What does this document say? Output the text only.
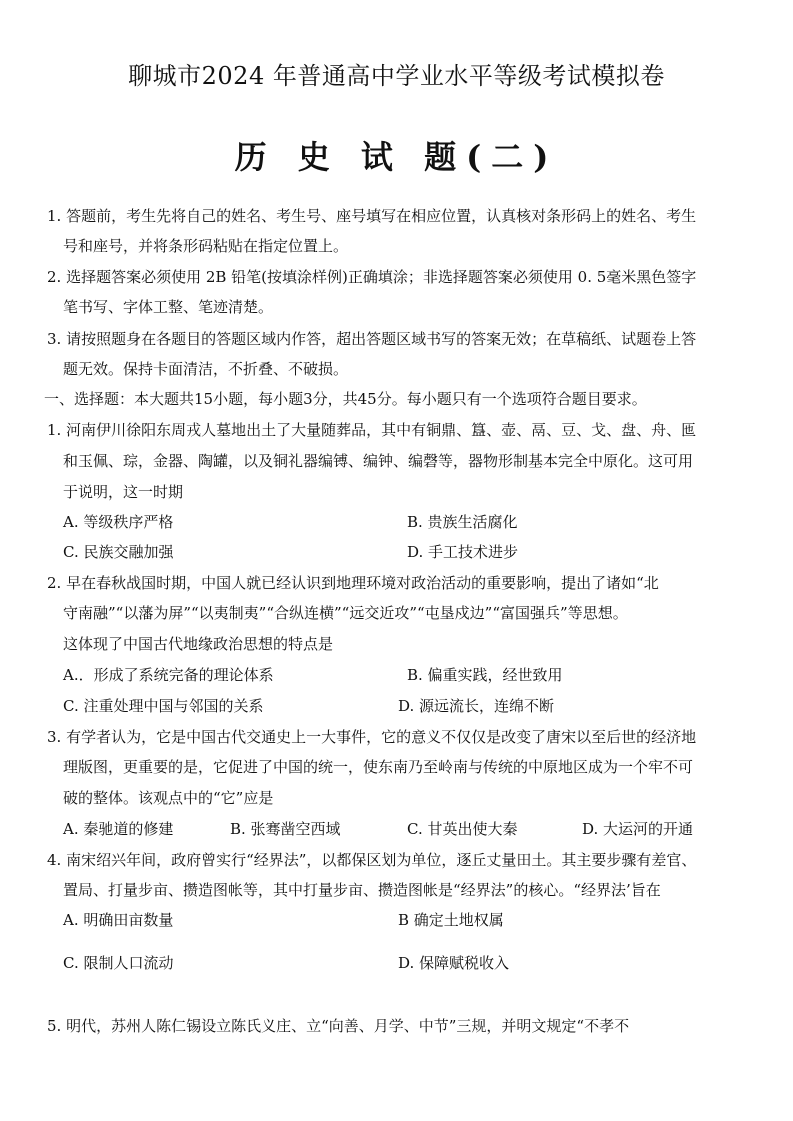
聊城市2024 年普通高中学业水平等级考试模拟卷
历 史 试 题(二)
1. 答题前，考生先将自己的姓名、考生号、座号填写在相应位置，认真核对条形码上的姓名、考生
号和座号，并将条形码粘贴在指定位置上。
2. 选择题答案必须使用 2B 铅笔(按填涂样例)正确填涂；非选择题答案必须使用 0. 5毫米黑色签字
笔书写、字体工整、笔迹清楚。
3. 请按照题身在各题目的答题区域内作答，超出答题区域书写的答案无效；在草稿纸、试题卷上答
题无效。保持卡面清洁，不折叠、不破损。
一、选择题：本大题共15小题，每小题3分，共45分。每小题只有一个选项符合题目要求。
1. 河南伊川徐阳东周戎人墓地出土了大量随葬品，其中有铜鼎、簋、壶、鬲、豆、戈、盘、舟、匜
和玉佩、琮，金器、陶罐，以及铜礼器编镈、编钟、编磬等，器物形制基本完全中原化。这可用
于说明，这一时期
A. 等级秩序严格	B. 贵族生活腐化
C. 民族交融加强	D. 手工技术进步
2. 早在春秋战国时期，中国人就已经认识到地理环境对政治活动的重要影响，提出了诸如“北
守南融”“以藩为屏”“以夷制夷”“合纵连横”“远交近攻”“屯垦戍边”“富国强兵”等思想。
这体现了中国古代地缘政治思想的特点是
A.．形成了系统完备的理论体系	B. 偏重实践，经世致用
C. 注重处理中国与邻国的关系	D. 源远流长，连绵不断
3. 有学者认为，它是中国古代交通史上一大事件，它的意义不仅仅是改变了唐宋以至后世的经济地
理版图，更重要的是，它促进了中国的统一，使东南乃至岭南与传统的中原地区成为一个牢不可
破的整体。该观点中的“它”应是
A. 秦驰道的修建	B. 张骞凿空西域	C. 甘英出使大秦	D. 大运河的开通
4. 南宋绍兴年间，政府曾实行“经界法”，以都保区划为单位，逐丘丈量田土。其主要步骤有差官、
置局、打量步亩、攒造图帐等，其中打量步亩、攒造图帐是“经界法”的核心。“经界法’旨在
A. 明确田亩数量	B 确定土地权属
C. 限制人口流动	D. 保障赋税收入
5. 明代，苏州人陈仁锡设立陈氏义庄、立“向善、月学、中节”三规，并明文规定“不孝不
